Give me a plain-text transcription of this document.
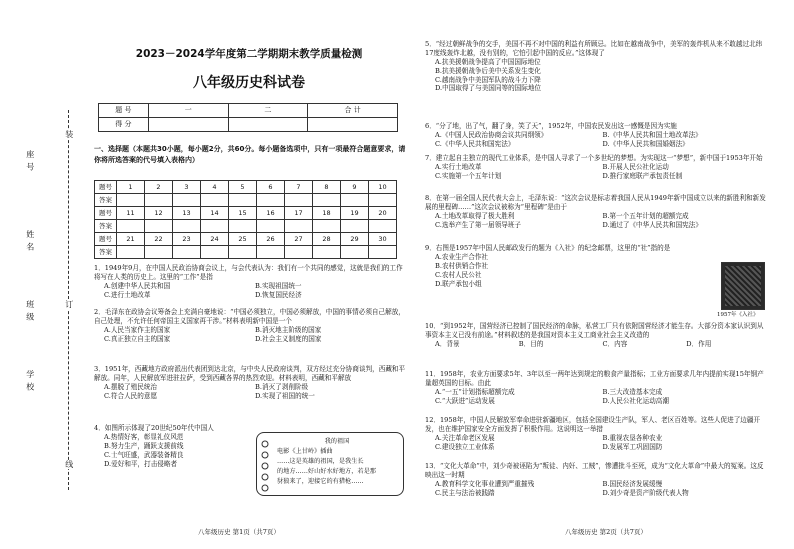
学 校
班 级
姓 名
座 号
装
订
线
2023－2024学年度第二学期期末教学质量检测
八年级历史科试卷
题 号	一	二	合 计
得 分			
一、选择题（本题共30小题，每小题2分，共60分。每小题备选项中，只有一项最符合题意要求，请你将所选答案的代号填入表格内）
题号	1	2	3	4	5	6	7	8	9	10
答案										
题号	11	12	13	14	15	16	17	18	19	20
答案										
题号	21	22	23	24	25	26	27	28	29	30
答案										
1．1949年9月，在中国人民政治协商会议上，与会代表认为：我们有一个共同的感觉，这就是我们的工作将写在人类的历史上。这里的“工作”是指
A.创建中华人民共和国	B.实现祖国统一
C.进行土地改革	D.恢复国民经济
2．毛泽东在政协会议筹备会上充满自豪地说：“中国必须独立，中国必须解放，中国的事情必须自己解放，自己处理，不允许任何帝国主义国家再干涉。”材料表明新中国是一个
A.人民当家作主的国家	B.消灭地主阶级的国家
C.真正独立自主的国家	D.社会主义制度的国家
3．1951年，西藏地方政府派出代表团到达北京，与中央人民政府谈判，双方经过充分协商谈判，西藏和平解放。同年，人民解放军进驻拉萨，受到西藏各界的热烈欢迎。材料表明，西藏和平解放
A.摆脱了殖民统治	B.消灭了剥削阶级
C.符合人民的意愿	D.实现了祖国的统一
4．如图所示体现了20世纪50年代中国人
A.热情好客，彰显礼仪风范
B.努力生产，踊跃支援前线
C.士气旺盛，武器装备精良
D.爱好和平，打击侵略者
我的祖国
电影《上甘岭》插曲
……这是英雄的祖国，是我生长
的地方……好山好水好地方，若是那
豺狼来了，迎接它的有猎枪……
八年级历史 第1页（共7页）
5．“经过朝鲜战争的交手，美国不再不对中国的利益有所顾忌。比如在越南战争中，美军的轰炸机从来不敢越过北纬17度线轰炸北越，没有别的，它怕引起中国的反应。”这体现了
A.抗美援朝战争提高了中国国际地位
B.抗美援朝战争后美中关系发生变化
C.越南战争中美国军队的战斗力下降
D.中国取得了与美国同等的国际地位
6．“分了地，出了气，翻了身，笑了天”，1952年，中国农民发出这一感慨是因为实施
A.《中国人民政治协商会议共同纲领》	B.《中华人民共和国土地改革法》
C.《中华人民共和国宪法》	D.《中华人民共和国婚姻法》
7．建立起自主独立的现代工业体系，是中国人寻求了一个多世纪的梦想。为实现这一“梦想”，新中国于1953年开始
A.实行土地改革	B.开展人民公社化运动
C.实施第一个五年计划	D.推行家庭联产承包责任制
8．在第一届全国人民代表大会上，毛泽东说：“这次会议是标志着我国人民从1949年新中国成立以来的新胜利和新发展的里程碑……”这次会议被称为“里程碑”是由于
A.土地改革取得了极大胜利	B.第一个五年计划的超额完成
C.选举产生了第一届领导班子	D.通过了《中华人民共和国宪法》
9．右图是1957年中国人民邮政发行的题为《入社》的纪念邮票，这里的“社”指的是
A.农业生产合作社
B.农村供销合作社
C.农村人民公社
D.联产承包小组
1957年《入社》
10．“到1952年，国营经济已控制了国民经济的命脉，私营工厂只有依附国营经济才能生存。大部分资本家认识到从事资本主义已没有前途。”材料叙述的是我国对资本主义工商业社会主义改造的
A．背景	B．目的	C．内容	D．作用
11．1958年，农业方面要求5年、3年以至一两年达到规定的粮食产量指标；工业方面要求几年内提前实现15年钢产量超英国的目标。由此
A.“一五”计划指标超额完成	B.三大改造基本完成
C.“大跃进”运动发展	D.人民公社化运动高潮
12．1958年，中国人民解放军奉命进驻新疆地区，包括全国建设生产队，军人、老区百姓等。这些人促进了边疆开发，也在维护国家安全方面发挥了积极作用。这说明这一举措
A.关注革命老区发展	B.重视农垦各种农业
C.建设独立工业体系	D.发展军工巩固国防
13．“文化大革命”中，刘少奇被诬陷为“叛徒、内奸、工贼”，惨遭批斗至死，成为“文化大革命”中最大的冤案。这反映出这一时期
A.教育科学文化事业遭到严重摧残	B.国民经济发展缓慢
C.民主与法治被践踏	D.刘少奇是资产阶级代表人物
八年级历史 第2页（共7页）
